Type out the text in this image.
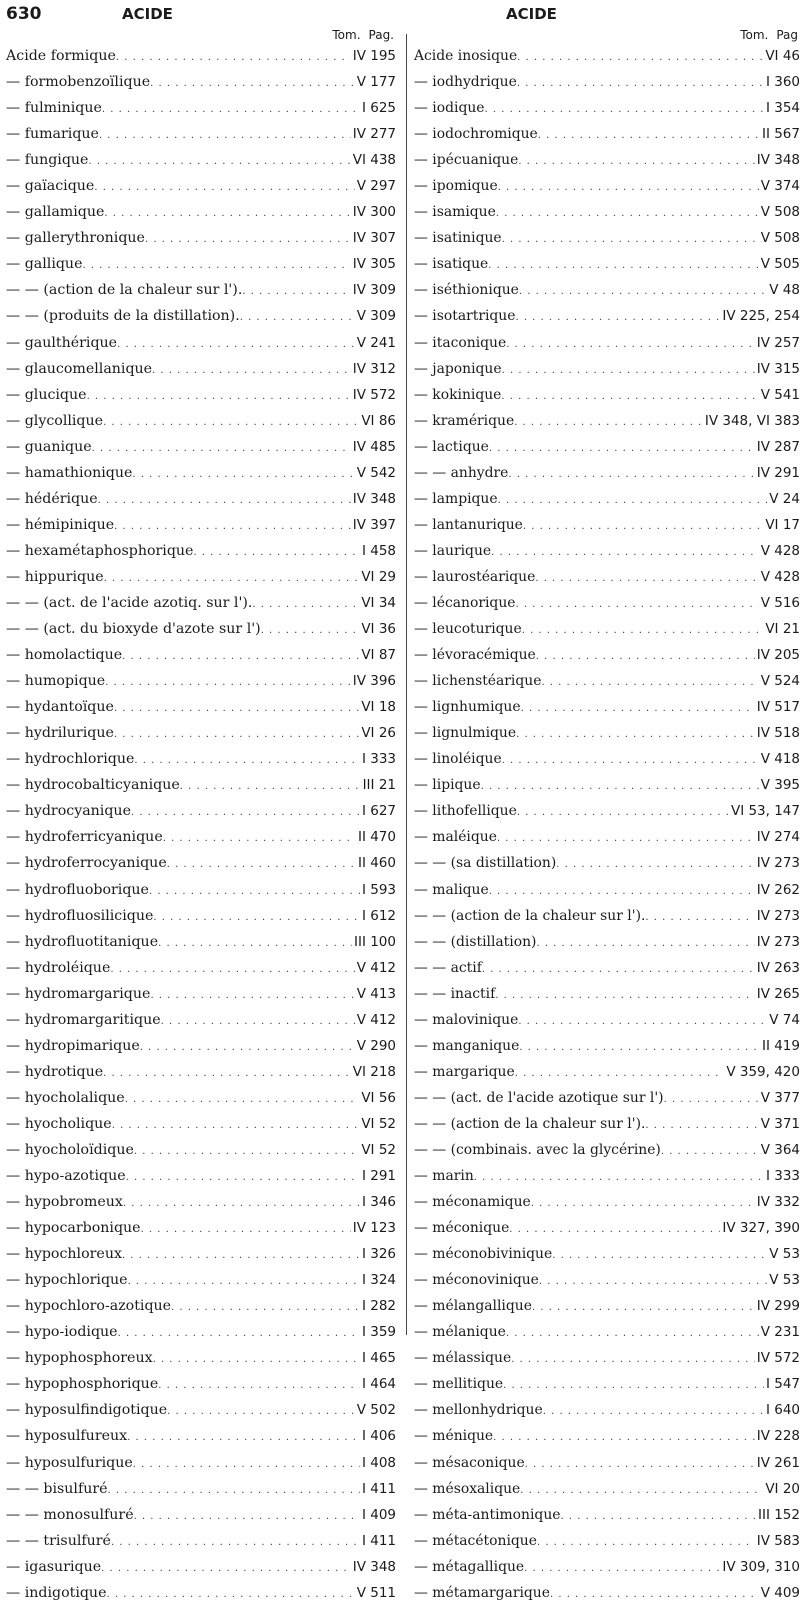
630	ACIDE	ACIDE
Tom. Pag.
Acide formique . . .	IV 195
— formobenzoïlique . . .	V 177
— fulminique . . .	I 625
— fumarique . . .	IV 277
— fungique . . .	VI 438
— gaïacique . . .	V 297
— gallamique . . .	IV 300
— gallerythronique . . .	IV 307
— gallique . . .	IV 305
— — (action de la chaleur sur l'). . . .	IV 309
— — (produits de la distillation). . . .	V 309
— gaulthérique . . .	V 241
— glaucomellanique . . .	IV 312
— glucique . . .	IV 572
— glycollique . . .	VI 86
— guanique . . .	IV 485
— hamathionique . . .	V 542
— hédérique . . .	IV 348
— hémipinique . . .	IV 397
— hexamétaphosphorique . . .	I 458
— hippurique . . .	VI 29
— — (act. de l'acide azotiq. sur l'). . . .	VI 34
— — (act. du bioxyde d'azote sur l') . . .	VI 36
— homolactique . . .	VI 87
— humopique . . .	IV 396
— hydantoïque . . .	VI 18
— hydrilurique . . .	VI 26
— hydrochlorique . . .	I 333
— hydrocobalticyanique . . .	III 21
— hydrocyanique . . .	I 627
— hydroferricyanique . . .	II 470
— hydroferrocyanique . . .	II 460
— hydrofluoborique . . .	I 593
— hydrofluosilicique . . .	I 612
— hydrofluotitanique . . .	III 100
— hydroléique . . .	V 412
— hydromargarique . . .	V 413
— hydromargaritique . . .	V 412
— hydropimarique . . .	V 290
— hydrotique . . .	VI 218
— hyocholalique . . .	VI 56
— hyocholique . . .	VI 52
— hyocholoïdique . . .	VI 52
— hypo-azotique . . .	I 291
— hypobromeux . . .	I 346
— hypocarbonique . . .	IV 123
— hypochloreux . . .	I 326
— hypochlorique . . .	I 324
— hypochloro-azotique . . .	I 282
— hypo-iodique . . .	I 359
— hypophosphoreux . . .	I 465
— hypophosphorique . . .	I 464
— hyposulfindigotique . . .	V 502
— hyposulfureux . . .	I 406
— hyposulfurique . . .	I 408
— — bisulfuré . . .	I 411
— — monosulfuré . . .	I 409
— — trisulfuré . . .	I 411
— igasurique . . .	IV 348
— indigotique . . .	V 511
Tom. Pag
Acide inosique . . .	VI 46
— iodhydrique . . .	I 360
— iodique . . .	I 354
— iodochromique . . .	II 567
— ipécuanique . . .	IV 348
— ipomique . . .	V 374
— isamique . . .	V 508
— isatinique . . .	V 508
— isatique . . .	V 505
— iséthionique . . .	V 48
— isotartrique . . .	IV 225, 254
— itaconique . . .	IV 257
— japonique . . .	IV 315
— kokinique . . .	V 541
— kramérique . . .	IV 348, VI 383
— lactique . . .	IV 287
— — anhydre . . .	IV 291
— lampique . . .	V 24
— lantanurique . . .	VI 17
— laurique . . .	V 428
— laurostéarique . . .	V 428
— lécanorique . . .	V 516
— leucoturique . . .	VI 21
— lévoracémique . . .	IV 205
— lichenstéarique . . .	V 524
— lignhumique . . .	IV 517
— lignulmique . . .	IV 518
— linoléique . . .	V 418
— lipique . . .	V 395
— lithofellique . . .	VI 53, 147
— maléique . . .	IV 274
— — (sa distillation) . . .	IV 273
— malique . . .	IV 262
— — (action de la chaleur sur l'). . . .	IV 273
— — (distillation) . . .	IV 273
— — actif . . .	IV 263
— — inactif . . .	IV 265
— malovinique . . .	V 74
— manganique . . .	II 419
— margarique . . .	V 359, 420
— — (act. de l'acide azotique sur l') . . .	V 377
— — (action de la chaleur sur l'). . . .	V 371
— — (combinais. avec la glycérine) . . .	V 364
— marin . . .	I 333
— méconamique . . .	IV 332
— méconique . . .	IV 327, 390
— méconobivinique . . .	V 53
— méconovinique . . .	V 53
— mélangallique . . .	IV 299
— mélanique . . .	V 231
— mélassique . . .	IV 572
— mellitique . . .	I 547
— mellonhydrique . . .	I 640
— ménique . . .	IV 228
— mésaconique . . .	IV 261
— mésoxalique . . .	VI 20
— méta-antimonique . . .	III 152
— métacétonique . . .	IV 583
— métagallique . . .	IV 309, 310
— métamargarique . . .	V 409
